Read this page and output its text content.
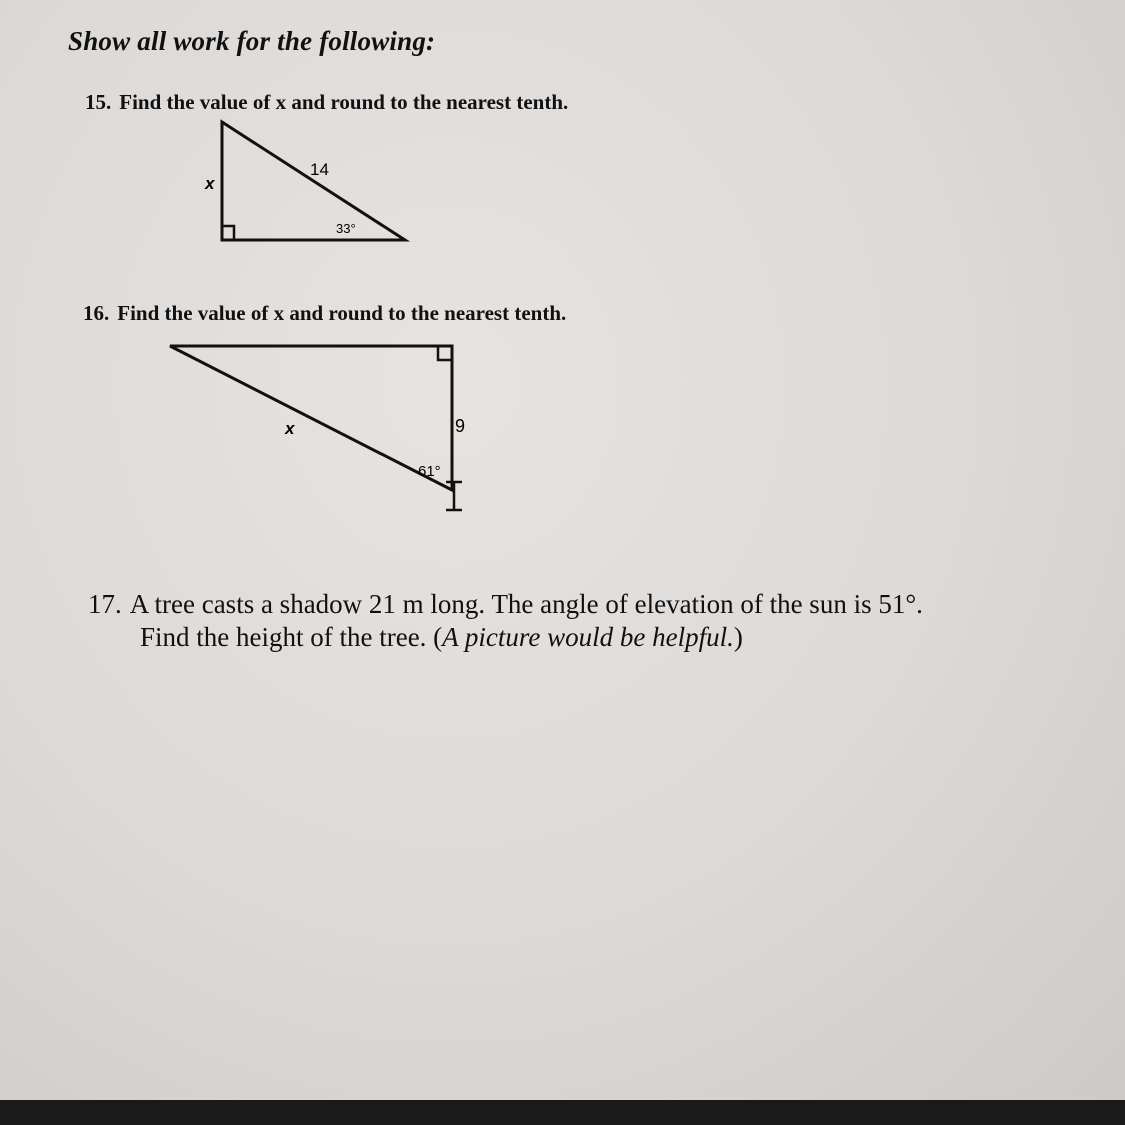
Show all work for the following:
15. Find the value of x and round to the nearest tenth.
16. Find the value of x and round to the nearest tenth.
17. A tree casts a shadow 21 m long. The angle of elevation of the sun is 51°.
Find the height of the tree. (A picture would be helpful.)
x
14
33°
x	9
61°
